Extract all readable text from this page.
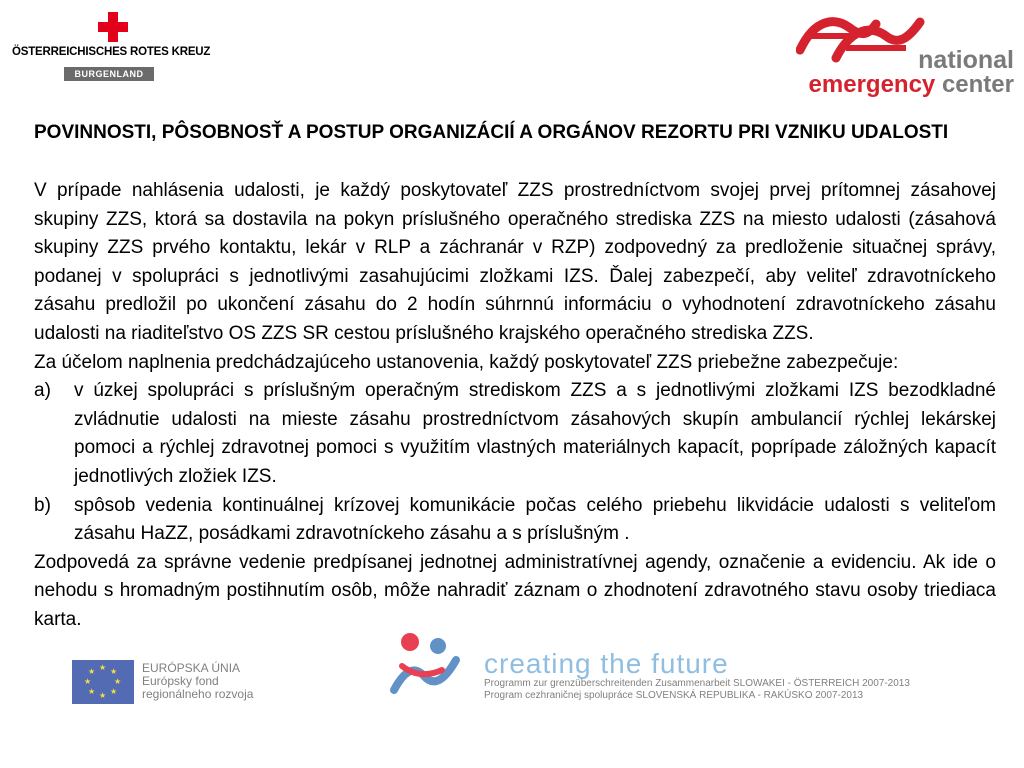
ÖSTERREICHISCHES ROTES KREUZ
BURGENLAND	national
emergency center
★ ★
★
★
★
★
★
★	EURÓPSKA ÚNIA
Európsky fond
regionálneho rozvoja
creating the future
Programm zur grenzüberschreitenden Zusammenarbeit SLOWAKEI - ÖSTERREICH 2007-2013
Program cezhraničnej spolupráce SLOVENSKÁ REPUBLIKA - RAKÚSKO 2007-2013
POVINNOSTI, PÔSOBNOSŤ A POSTUP ORGANIZÁCIÍ A ORGÁNOV REZORTU PRI VZNIKU UDALOSTI

V prípade nahlásenia udalosti, je každý poskytovateľ ZZS prostredníctvom svojej prvej prítomnej zásahovej skupiny ZZS, ktorá sa dostavila na pokyn príslušného operačného strediska ZZS na miesto udalosti (zásahová skupiny ZZS prvého kontaktu, lekár v RLP a záchranár v RZP) zodpovedný za predloženie situačnej správy, podanej v spolupráci s jednotlivými zasahujúcimi zložkami IZS. Ďalej zabezpečí, aby veliteľ zdravotníckeho zásahu predložil po ukončení zásahu do 2 hodín súhrnnú informáciu o vyhodnotení zdravotníckeho zásahu udalosti na riaditeľstvo OS ZZS SR cestou príslušného krajského operačného strediska ZZS.

Za účelom naplnenia predchádzajúceho ustanovenia, každý poskytovateľ ZZS priebežne zabezpečuje:

a)	v úzkej spolupráci s príslušným operačným strediskom ZZS a s jednotlivými zložkami IZS bezodkladné zvládnutie udalosti na mieste zásahu prostredníctvom zásahových skupín ambulancií rýchlej lekárskej pomoci a rýchlej zdravotnej pomoci s využitím vlastných materiálnych kapacít, poprípade záložných kapacít jednotlivých zložiek IZS.
b)	spôsob vedenia kontinuálnej krízovej komunikácie počas celého priebehu likvidácie udalosti s veliteľom zásahu HaZZ, posádkami zdravotníckeho zásahu a s príslušným .

Zodpovedá za správne vedenie predpísanej jednotnej administratívnej agendy, označenie a evidenciu. Ak ide o nehodu s hromadným postihnutím osôb, môže nahradiť záznam o zhodnotení zdravotného stavu osoby triediaca karta.
